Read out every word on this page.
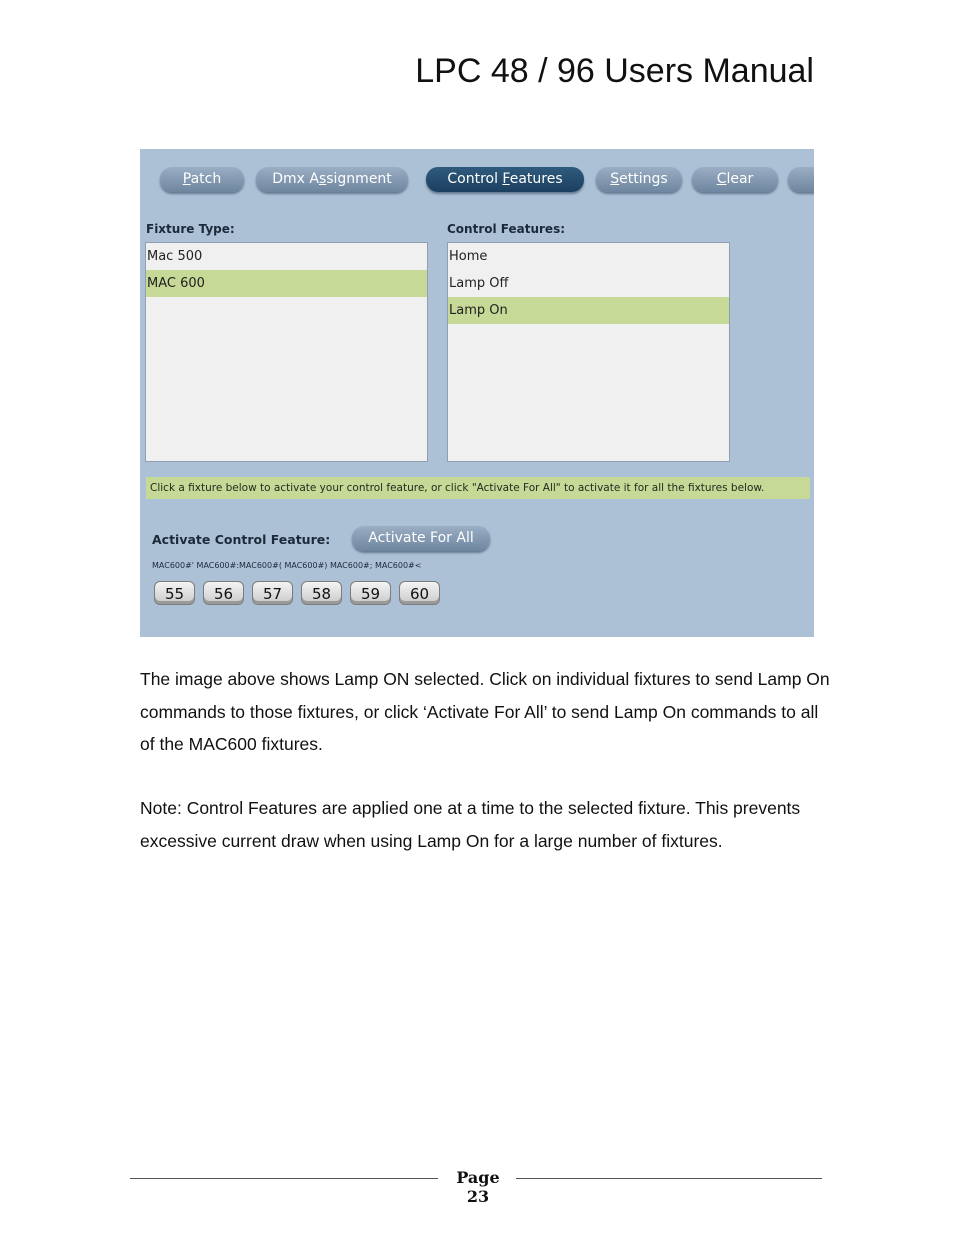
LPC 48 / 96 Users Manual
Patch	Dmx Assignment	Control Features	Settings	Clear
Fixture Type:
Mac 500
MAC 600
Control Features:
Home
Lamp Off
Lamp On
Click a fixture below to activate your control feature, or click "Activate For All" to activate it for all the fixtures below.
Activate Control Feature:	Activate For All
MAC600#' MAC600#:MAC600#( MAC600#) MAC600#; MAC600#<
55	56	57	58	59	60

The image above shows Lamp ON selected. Click on individual fixtures to send Lamp On commands to those fixtures, or click ‘Activate For All’ to send Lamp On commands to all of the MAC600 fixtures.

Note: Control Features are applied one at a time to the selected fixture. This prevents excessive current draw when using Lamp On for a large number of fixtures.

Page 23
